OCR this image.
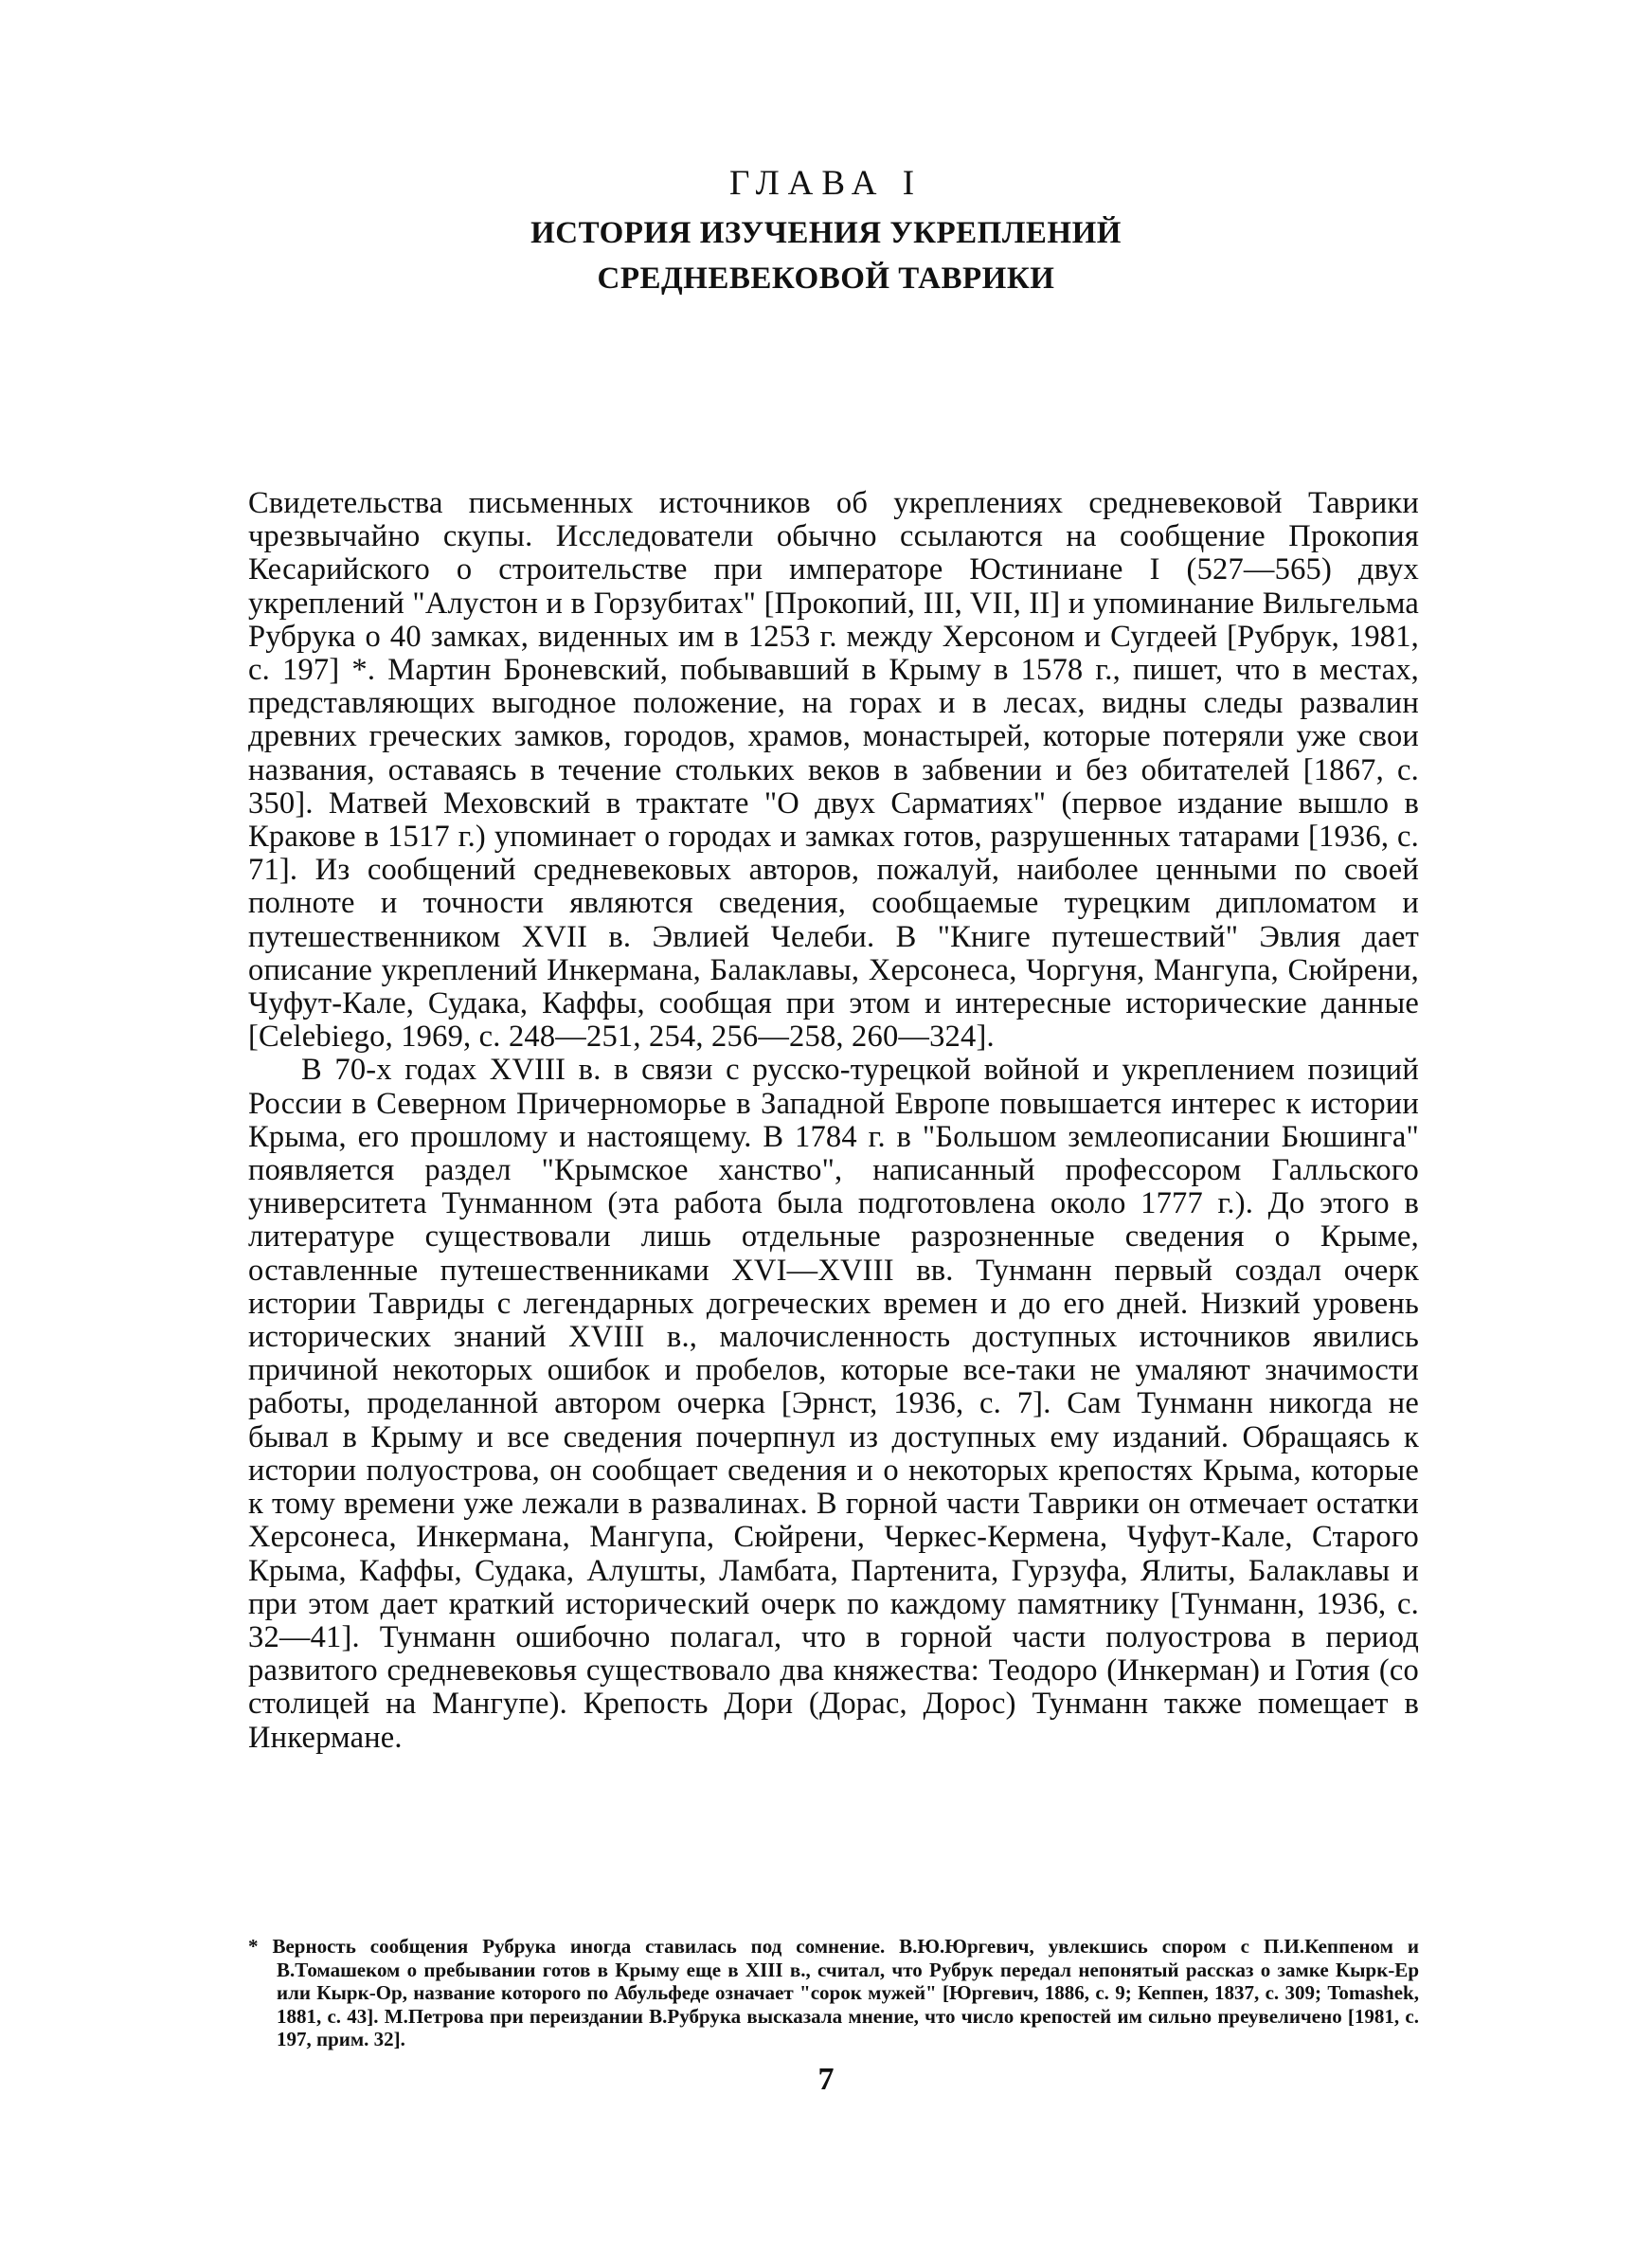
ГЛАВА I
ИСТОРИЯ ИЗУЧЕНИЯ УКРЕПЛЕНИЙ
СРЕДНЕВЕКОВОЙ ТАВРИКИ

Свидетельства письменных источников об укреплениях средневековой Таврики чрезвычайно скупы. Исследователи обычно ссылаются на сообщение Прокопия Кесарийского о строительстве при императоре Юстиниане I (527—565) двух укреплений "Алустон и в Горзубитах" [Прокопий, III, VII, II] и упоминание Вильгельма Рубрука о 40 замках, виденных им в 1253 г. между Херсоном и Сугдеей [Рубрук, 1981, с. 197] *. Мартин Броневский, побывавший в Крыму в 1578 г., пишет, что в местах, представляющих выгодное положение, на горах и в лесах, видны следы развалин древних греческих замков, городов, храмов, монастырей, которые потеряли уже свои названия, оставаясь в течение стольких веков в забвении и без обитателей [1867, с. 350]. Матвей Меховский в трактате "О двух Сарматиях" (первое издание вышло в Кракове в 1517 г.) упоминает о городах и замках готов, разрушенных татарами [1936, с. 71]. Из сообщений средневековых авторов, пожалуй, наиболее ценными по своей полноте и точности являются сведения, сообщаемые турецким дипломатом и путешественником XVII в. Эвлией Челеби. В "Книге путешествий" Эвлия дает описание укреплений Инкермана, Балаклавы, Херсонеса, Чоргуня, Мангупа, Сюйрени, Чуфут-Кале, Судака, Каффы, сообщая при этом и интересные исторические данные [Celebiego, 1969, с. 248—251, 254, 256—258, 260—324].

В 70-х годах XVIII в. в связи с русско-турецкой войной и укреплением позиций России в Северном Причерноморье в Западной Европе повышается интерес к истории Крыма, его прошлому и настоящему. В 1784 г. в "Большом землеописании Бюшинга" появляется раздел "Крымское ханство", написанный профессором Галльского университета Тунманном (эта работа была подготовлена около 1777 г.). До этого в литературе существовали лишь отдельные разрозненные сведения о Крыме, оставленные путешественниками XVI—XVIII вв. Тунманн первый создал очерк истории Тавриды с легендарных догреческих времен и до его дней. Низкий уровень исторических знаний XVIII в., малочисленность доступных источников явились причиной некоторых ошибок и пробелов, которые все-таки не умаляют значимости работы, проделанной автором очерка [Эрнст, 1936, с. 7]. Сам Тунманн никогда не бывал в Крыму и все сведения почерпнул из доступных ему изданий. Обращаясь к истории полуострова, он сообщает сведения и о некоторых крепостях Крыма, которые к тому времени уже лежали в развалинах. В горной части Таврики он отмечает остатки Херсонеса, Инкермана, Мангупа, Сюйрени, Черкес-Кермена, Чуфут-Кале, Старого Крыма, Каффы, Судака, Алушты, Ламбата, Партенита, Гурзуфа, Ялиты, Балаклавы и при этом дает краткий исторический очерк по каждому памятнику [Тунманн, 1936, с. 32—41]. Тунманн ошибочно полагал, что в горной части полуострова в период развитого средневековья существовало два княжества: Теодоро (Инкерман) и Готия (со столицей на Мангупе). Крепость Дори (Дорас, Дорос) Тунманн также помещает в Инкермане.

* Верность сообщения Рубрука иногда ставилась под сомнение. В.Ю.Юргевич, увлекшись спором с П.И.Кеппеном и В.Томашеком о пребывании готов в Крыму еще в XIII в., считал, что Рубрук передал непонятый рассказ о замке Кырк-Ер или Кырк-Ор, название которого по Абульфеде означает "сорок мужей" [Юргевич, 1886, с. 9; Кеппен, 1837, с. 309; Tomashek, 1881, с. 43]. М.Петрова при переиздании В.Рубрука высказала мнение, что число крепостей им сильно преувеличено [1981, с. 197, прим. 32].
7
